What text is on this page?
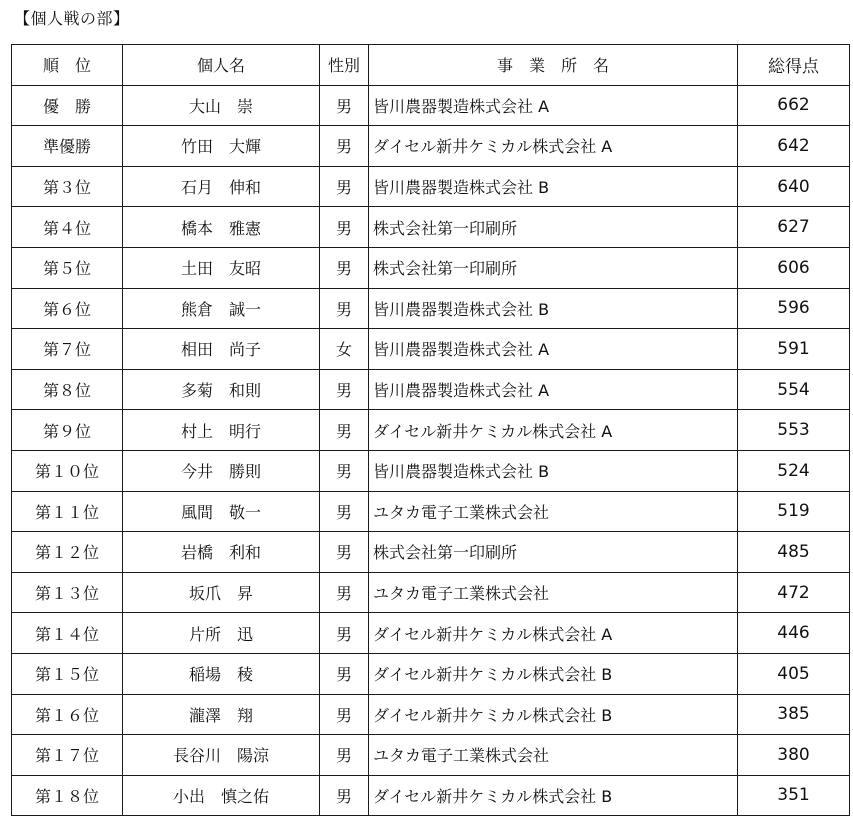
【個人戦の部】
順　位	個人名	性別	事　業　所　名	総得点
優　勝	大山　崇	男	皆川農器製造株式会社 A	662
準優勝	竹田　大輝	男	ダイセル新井ケミカル株式会社 A	642
第３位	石月　伸和	男	皆川農器製造株式会社 B	640
第４位	橋本　雅憲	男	株式会社第一印刷所	627
第５位	土田　友昭	男	株式会社第一印刷所	606
第６位	熊倉　誠一	男	皆川農器製造株式会社 B	596
第７位	相田　尚子	女	皆川農器製造株式会社 A	591
第８位	多菊　和則	男	皆川農器製造株式会社 A	554
第９位	村上　明行	男	ダイセル新井ケミカル株式会社 A	553
第１０位	今井　勝則	男	皆川農器製造株式会社 B	524
第１１位	風間　敬一	男	ユタカ電子工業株式会社	519
第１２位	岩橋　利和	男	株式会社第一印刷所	485
第１３位	坂爪　昇	男	ユタカ電子工業株式会社	472
第１４位	片所　迅	男	ダイセル新井ケミカル株式会社 A	446
第１５位	稲場　稜	男	ダイセル新井ケミカル株式会社 B	405
第１６位	瀧澤　翔	男	ダイセル新井ケミカル株式会社 B	385
第１７位	長谷川　陽涼	男	ユタカ電子工業株式会社	380
第１８位	小出　慎之佑	男	ダイセル新井ケミカル株式会社 B	351
